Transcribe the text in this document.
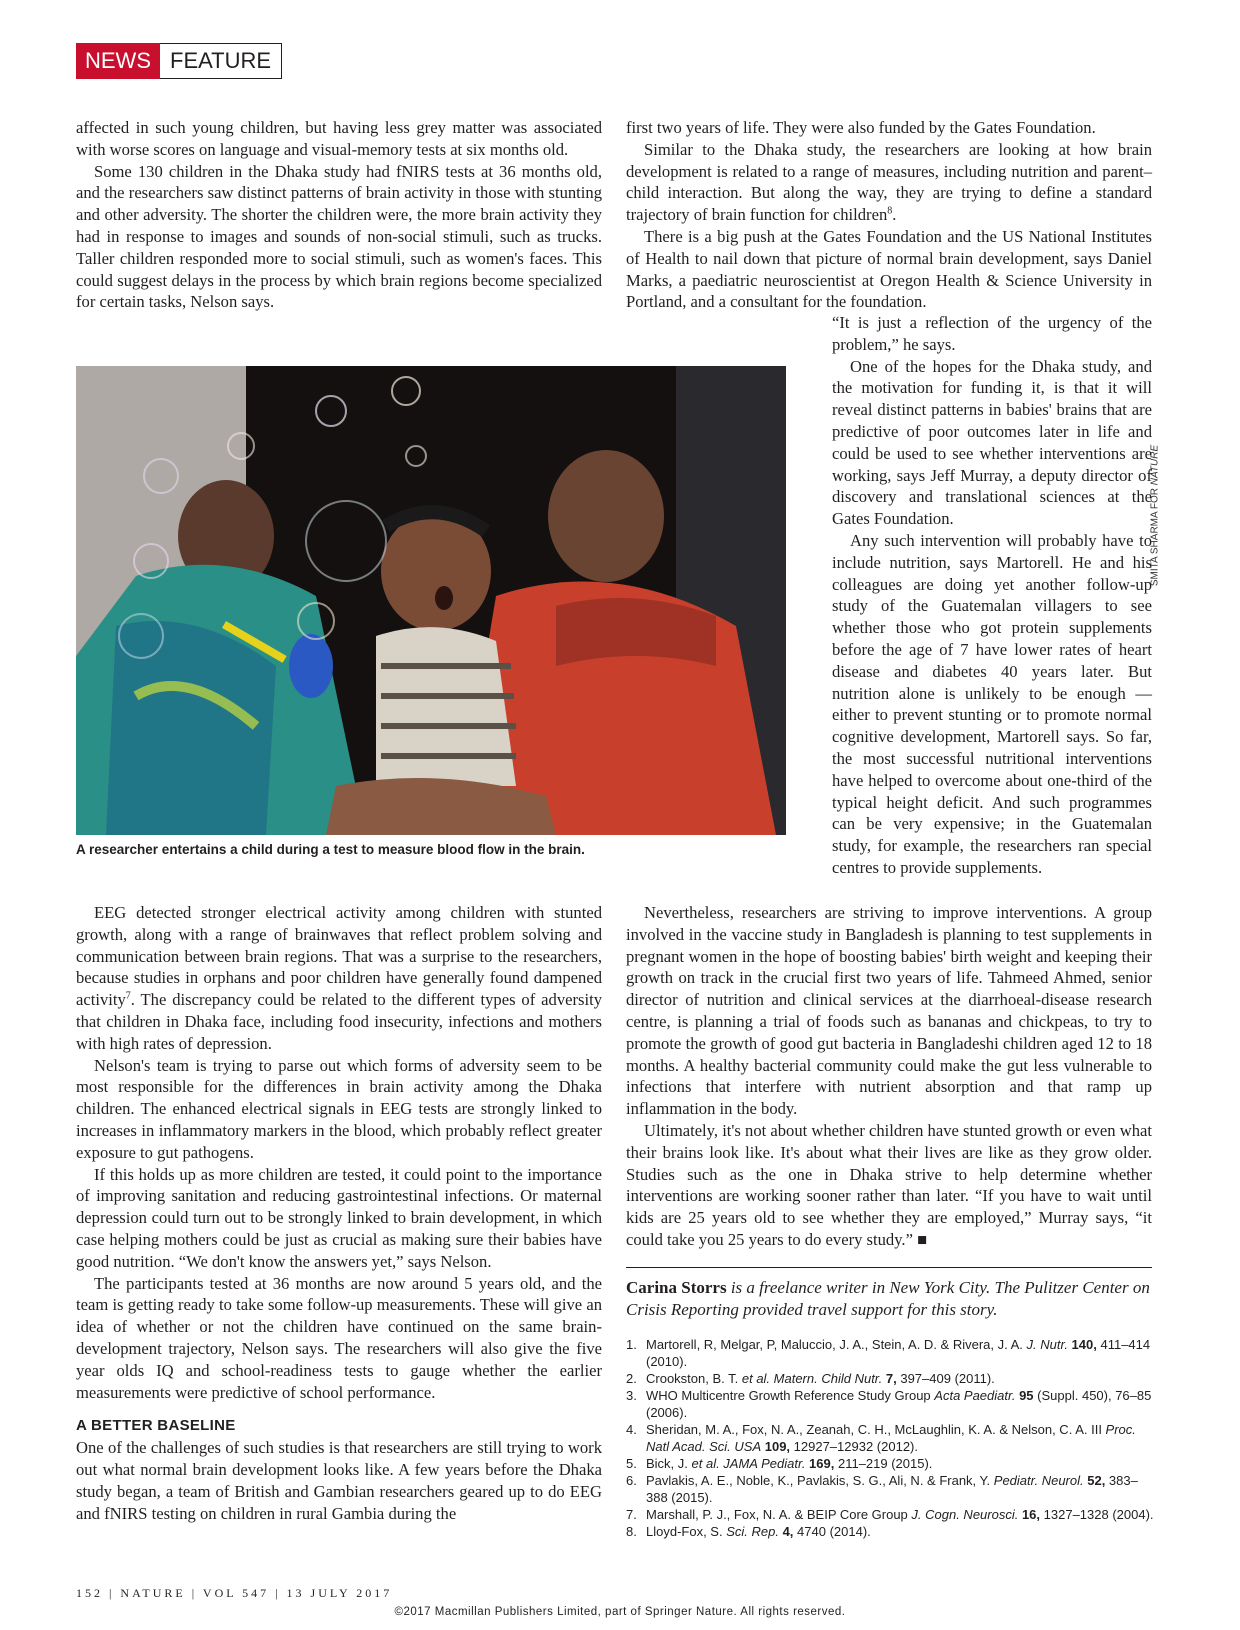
NEWS FEATURE

affected in such young children, but having less grey matter was associated with worse scores on language and visual-memory tests at six months old.

Some 130 children in the Dhaka study had fNIRS tests at 36 months old, and the researchers saw distinct patterns of brain activity in those with stunting and other adversity. The shorter the children were, the more brain activity they had in response to images and sounds of non-social stimuli, such as trucks. Taller children responded more to social stimuli, such as women's faces. This could suggest delays in the process by which brain regions become specialized for certain tasks, Nelson says.

first two years of life. They were also funded by the Gates Foundation.

Similar to the Dhaka study, the researchers are looking at how brain development is related to a range of measures, including nutrition and parent–child interaction. But along the way, they are trying to define a standard trajectory of brain function for children$^8$.

There is a big push at the Gates Foundation and the US National Institutes of Health to nail down that picture of normal brain development, says Daniel Marks, a paediatric neuroscientist at Oregon Health & Science University in Portland, and a consultant for the foundation.

“It is just a reflection of the urgency of the problem,” he says.

One of the hopes for the Dhaka study, and the motivation for funding it, is that it will reveal distinct patterns in babies' brains that are predictive of poor outcomes later in life and could be used to see whether interventions are working, says Jeff Murray, a deputy director of discovery and translational sciences at the Gates Foundation.

Any such intervention will probably have to include nutrition, says Martorell. He and his colleagues are doing yet another follow-up study of the Guatemalan villagers to see whether those who got protein supplements before the age of 7 have lower rates of heart disease and diabetes 40 years later. But nutrition alone is unlikely to be enough — either to prevent stunting or to promote normal cognitive development, Martorell says. So far, the most successful nutritional interventions have helped to overcome about one-third of the typical height deficit. And such programmes can be very expensive; in the Guatemalan study, for example, the researchers ran special centres to provide supplements.

A researcher entertains a child during a test to measure blood flow in the brain.
SMITA SHARMA FOR NATURE

EEG detected stronger electrical activity among children with stunted growth, along with a range of brainwaves that reflect problem solving and communication between brain regions. That was a surprise to the researchers, because studies in orphans and poor children have generally found dampened activity$^7$. The discrepancy could be related to the different types of adversity that children in Dhaka face, including food insecurity, infections and mothers with high rates of depression.

Nelson's team is trying to parse out which forms of adversity seem to be most responsible for the differences in brain activity among the Dhaka children. The enhanced electrical signals in EEG tests are strongly linked to increases in inflammatory markers in the blood, which probably reflect greater exposure to gut pathogens.

If this holds up as more children are tested, it could point to the importance of improving sanitation and reducing gastrointestinal infections. Or maternal depression could turn out to be strongly linked to brain development, in which case helping mothers could be just as crucial as making sure their babies have good nutrition. “We don't know the answers yet,” says Nelson.

The participants tested at 36 months are now around 5 years old, and the team is getting ready to take some follow-up measurements. These will give an idea of whether or not the children have continued on the same brain-development trajectory, Nelson says. The researchers will also give the five year olds IQ and school-readiness tests to gauge whether the earlier measurements were predictive of school performance.

A BETTER BASELINE

One of the challenges of such studies is that researchers are still trying to work out what normal brain development looks like. A few years before the Dhaka study began, a team of British and Gambian researchers geared up to do EEG and fNIRS testing on children in rural Gambia during the

Nevertheless, researchers are striving to improve interventions. A group involved in the vaccine study in Bangladesh is planning to test supplements in pregnant women in the hope of boosting babies' birth weight and keeping their growth on track in the crucial first two years of life. Tahmeed Ahmed, senior director of nutrition and clinical services at the diarrhoeal-disease research centre, is planning a trial of foods such as bananas and chickpeas, to try to promote the growth of good gut bacteria in Bangladeshi children aged 12 to 18 months. A healthy bacterial community could make the gut less vulnerable to infections that interfere with nutrient absorption and that ramp up inflammation in the body.

Ultimately, it's not about whether children have stunted growth or even what their brains look like. It's about what their lives are like as they grow older. Studies such as the one in Dhaka strive to help determine whether interventions are working sooner rather than later. “If you have to wait until kids are 25 years old to see whether they are employed,” Murray says, “it could take you 25 years to do every study.” ■

Carina Storrs is a freelance writer in New York City. The Pulitzer Center on Crisis Reporting provided travel support for this story.
1. Martorell, R, Melgar, P, Maluccio, J. A., Stein, A. D. & Rivera, J. A. J. Nutr. 140, 411–414 (2010).
2. Crookston, B. T. et al. Matern. Child Nutr. 7, 397–409 (2011).
3. WHO Multicentre Growth Reference Study Group Acta Paediatr. 95 (Suppl. 450), 76–85 (2006).
4. Sheridan, M. A., Fox, N. A., Zeanah, C. H., McLaughlin, K. A. & Nelson, C. A. III Proc. Natl Acad. Sci. USA 109, 12927–12932 (2012).
5. Bick, J. et al. JAMA Pediatr. 169, 211–219 (2015).
6. Pavlakis, A. E., Noble, K., Pavlakis, S. G., Ali, N. & Frank, Y. Pediatr. Neurol. 52, 383–388 (2015).
7. Marshall, P. J., Fox, N. A. & BEIP Core Group J. Cogn. Neurosci. 16, 1327–1328 (2004).
8. Lloyd-Fox, S. Sci. Rep. 4, 4740 (2014).
152 | NATURE | VOL 547 | 13 JULY 2017
©2017 Macmillan Publishers Limited, part of Springer Nature. All rights reserved.
